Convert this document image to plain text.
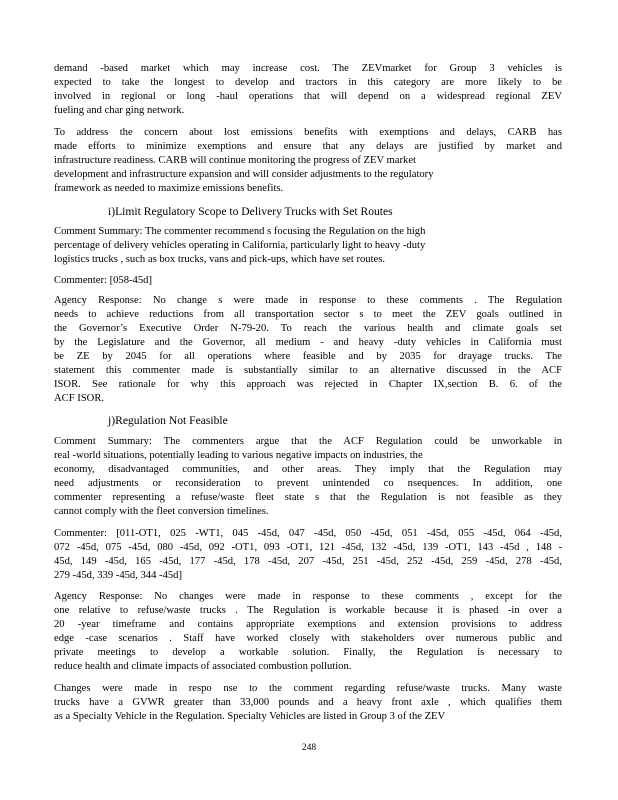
demand -based market which may increase cost. The ZEVmarket for Group 3 vehicles is
expected to take the longest to develop and tractors in this category are more likely to be
involved in regional or long -haul operations that will depend on a widespread regional ZEV
fueling and char ging network.

To address the concern about lost emissions benefits with exemptions and delays, CARB has
made efforts to minimize exemptions and ensure that any delays are justified by market and
infrastructure readiness. CARB will continue monitoring the progress of ZEV market
development and infrastructure expansion and will consider adjustments to the regulatory
framework as needed to maximize emissions benefits.

i)Limit Regulatory Scope to Delivery Trucks with Set Routes

Comment Summary: The commenter recommend s focusing the Regulation on the high
percentage of delivery vehicles operating in California, particularly light to heavy -duty
logistics trucks , such as box trucks, vans and pick-ups, which have set routes.

Commenter: [058-45d]

Agency Response: No change s were made in response to these comments . The Regulation
needs to achieve reductions from all transportation sector s to meet the ZEV goals outlined in
the Governor’s Executive Order N-79-20. To reach the various health and climate goals set
by the Legislature and the Governor, all medium - and heavy -duty vehicles in California must
be ZE by 2045 for all operations where feasible and by 2035 for drayage trucks. The
statement this commenter made is substantially similar to an alternative discussed in the ACF
ISOR. See rationale for why this approach was rejected in Chapter IX,section B. 6. of the
ACF ISOR.

j)Regulation Not Feasible

Comment Summary: The commenters argue that the ACF Regulation could be unworkable in
real -world situations, potentially leading to various negative impacts on industries, the
economy, disadvantaged communities, and other areas. They imply that the Regulation may
need adjustments or reconsideration to prevent unintended co nsequences. In addition, one
commenter representing a refuse/waste fleet state s that the Regulation is not feasible as they
cannot comply with the fleet conversion timelines.

Commenter: [011-OT1, 025 -WT1, 045 -45d, 047 -45d, 050 -45d, 051 -45d, 055 -45d, 064 -45d,
072 -45d, 075 -45d, 080 -45d, 092 -OT1, 093 -OT1, 121 -45d, 132 -45d, 139 -OT1, 143 -45d , 148 -
45d, 149 -45d, 165 -45d, 177 -45d, 178 -45d, 207 -45d, 251 -45d, 252 -45d, 259 -45d, 278 -45d,
279 -45d, 339 -45d, 344 -45d]

Agency Response: No changes were made in response to these comments , except for the
one relative to refuse/waste trucks . The Regulation is workable because it is phased -in over a
20 -year timeframe and contains appropriate exemptions and extension provisions to address
edge -case scenarios . Staff have worked closely with stakeholders over numerous public and
private meetings to develop a workable solution. Finally, the Regulation is necessary to
reduce health and climate impacts of associated combustion pollution.

Changes were made in respo nse to the comment regarding refuse/waste trucks. Many waste
trucks have a GVWR greater than 33,000 pounds and a heavy front axle , which qualifies them
as a Specialty Vehicle in the Regulation. Specialty Vehicles are listed in Group 3 of the ZEV

248
